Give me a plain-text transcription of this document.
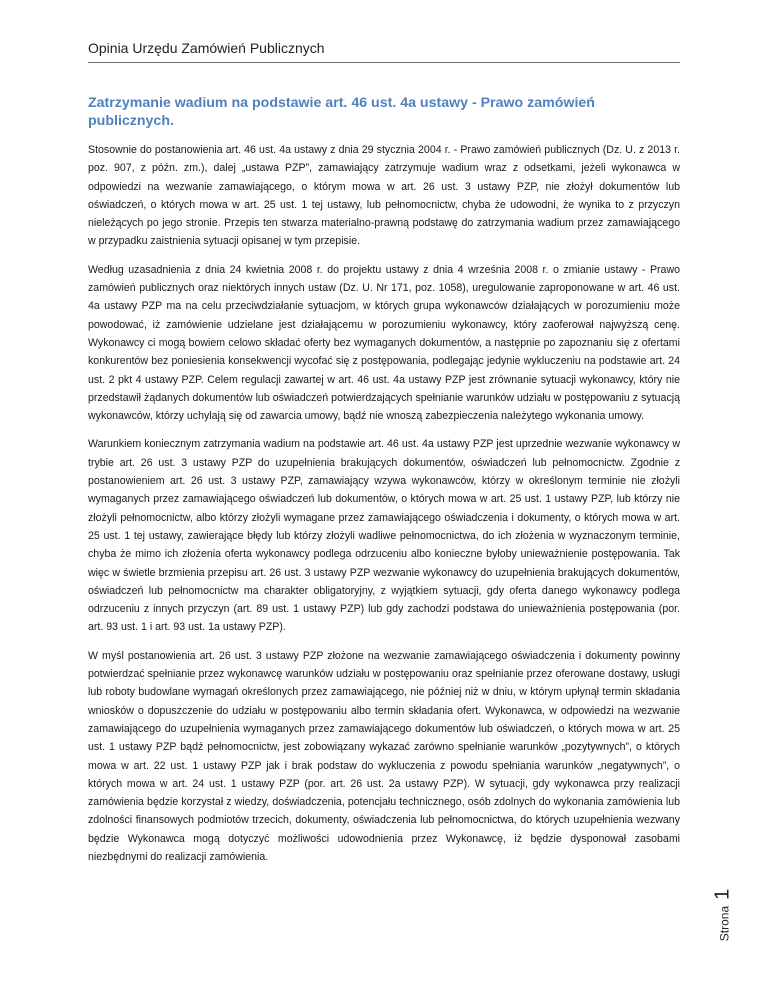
Opinia Urzędu Zamówień Publicznych
Zatrzymanie wadium na podstawie art. 46 ust. 4a ustawy - Prawo zamówień publicznych.

Stosownie do postanowienia art. 46 ust. 4a ustawy z dnia 29 stycznia 2004 r. - Prawo zamówień publicznych (Dz. U. z 2013 r. poz. 907, z późn. zm.), dalej „ustawa PZP”, zamawiający zatrzymuje wadium wraz z odsetkami, jeżeli wykonawca w odpowiedzi na wezwanie zamawiającego, o którym mowa w art. 26 ust. 3 ustawy PZP, nie złożył dokumentów lub oświadczeń, o których mowa w art. 25 ust. 1 tej ustawy, lub pełnomocnictw, chyba że udowodni, że wynika to z przyczyn nieleżących po jego stronie. Przepis ten stwarza materialno-prawną podstawę do zatrzymania wadium przez zamawiającego w przypadku zaistnienia sytuacji opisanej w tym przepisie.

Według uzasadnienia z dnia 24 kwietnia 2008 r. do projektu ustawy z dnia 4 września 2008 r. o zmianie ustawy - Prawo zamówień publicznych oraz niektórych innych ustaw (Dz. U. Nr 171, poz. 1058), uregulowanie zaproponowane w art. 46 ust. 4a ustawy PZP ma na celu przeciwdziałanie sytuacjom, w których grupa wykonawców działających w porozumieniu może powodować, iż zamówienie udzielane jest działającemu w porozumieniu wykonawcy, który zaoferował najwyższą cenę. Wykonawcy ci mogą bowiem celowo składać oferty bez wymaganych dokumentów, a następnie po zapoznaniu się z ofertami konkurentów bez poniesienia konsekwencji wycofać się z postępowania, podlegając jedynie wykluczeniu na podstawie art. 24 ust. 2 pkt 4 ustawy PZP. Celem regulacji zawartej w art. 46 ust. 4a ustawy PZP jest zrównanie sytuacji wykonawcy, który nie przedstawił żądanych dokumentów lub oświadczeń potwierdzających spełnianie warunków udziału w postępowaniu z sytuacją wykonawców, którzy uchylają się od zawarcia umowy, bądź nie wnoszą zabezpieczenia należytego wykonania umowy.

Warunkiem koniecznym zatrzymania wadium na podstawie art. 46 ust. 4a ustawy PZP jest uprzednie wezwanie wykonawcy w trybie art. 26 ust. 3 ustawy PZP do uzupełnienia brakujących dokumentów, oświadczeń lub pełnomocnictw. Zgodnie z postanowieniem art. 26 ust. 3 ustawy PZP, zamawiający wzywa wykonawców, którzy w określonym terminie nie złożyli wymaganych przez zamawiającego oświadczeń lub dokumentów, o których mowa w art. 25 ust. 1 ustawy PZP, lub którzy nie złożyli pełnomocnictw, albo którzy złożyli wymagane przez zamawiającego oświadczenia i dokumenty, o których mowa w art. 25 ust. 1 tej ustawy, zawierające błędy lub którzy złożyli wadliwe pełnomocnictwa, do ich złożenia w wyznaczonym terminie, chyba że mimo ich złożenia oferta wykonawcy podlega odrzuceniu albo konieczne byłoby unieważnienie postępowania. Tak więc w świetle brzmienia przepisu art. 26 ust. 3 ustawy PZP wezwanie wykonawcy do uzupełnienia brakujących dokumentów, oświadczeń lub pełnomocnictw ma charakter obligatoryjny, z wyjątkiem sytuacji, gdy oferta danego wykonawcy podlega odrzuceniu z innych przyczyn (art. 89 ust. 1 ustawy PZP) lub gdy zachodzi podstawa do unieważnienia postępowania (por. art. 93 ust. 1 i art. 93 ust. 1a ustawy PZP).

W myśl postanowienia art. 26 ust. 3 ustawy PZP złożone na wezwanie zamawiającego oświadczenia i dokumenty powinny potwierdzać spełnianie przez wykonawcę warunków udziału w postępowaniu oraz spełnianie przez oferowane dostawy, usługi lub roboty budowlane wymagań określonych przez zamawiającego, nie później niż w dniu, w którym upłynął termin składania wniosków o dopuszczenie do udziału w postępowaniu albo termin składania ofert. Wykonawca, w odpowiedzi na wezwanie zamawiającego do uzupełnienia wymaganych przez zamawiającego dokumentów lub oświadczeń, o których mowa w art. 25 ust. 1 ustawy PZP bądź pełnomocnictw, jest zobowiązany wykazać zarówno spełnianie warunków „pozytywnych”, o których mowa w art. 22 ust. 1 ustawy PZP jak i brak podstaw do wykluczenia z powodu spełniania warunków „negatywnych”, o których mowa w art. 24 ust. 1 ustawy PZP (por. art. 26 ust. 2a ustawy PZP). W sytuacji, gdy wykonawca przy realizacji zamówienia będzie korzystał z wiedzy, doświadczenia, potencjału technicznego, osób zdolnych do wykonania zamówienia lub zdolności finansowych podmiotów trzecich, dokumenty, oświadczenia lub pełnomocnictwa, do których uzupełnienia wezwany będzie Wykonawca mogą dotyczyć możliwości udowodnienia przez Wykonawcę, iż będzie dysponował zasobami niezbędnymi do realizacji zamówienia.

Strona
1
